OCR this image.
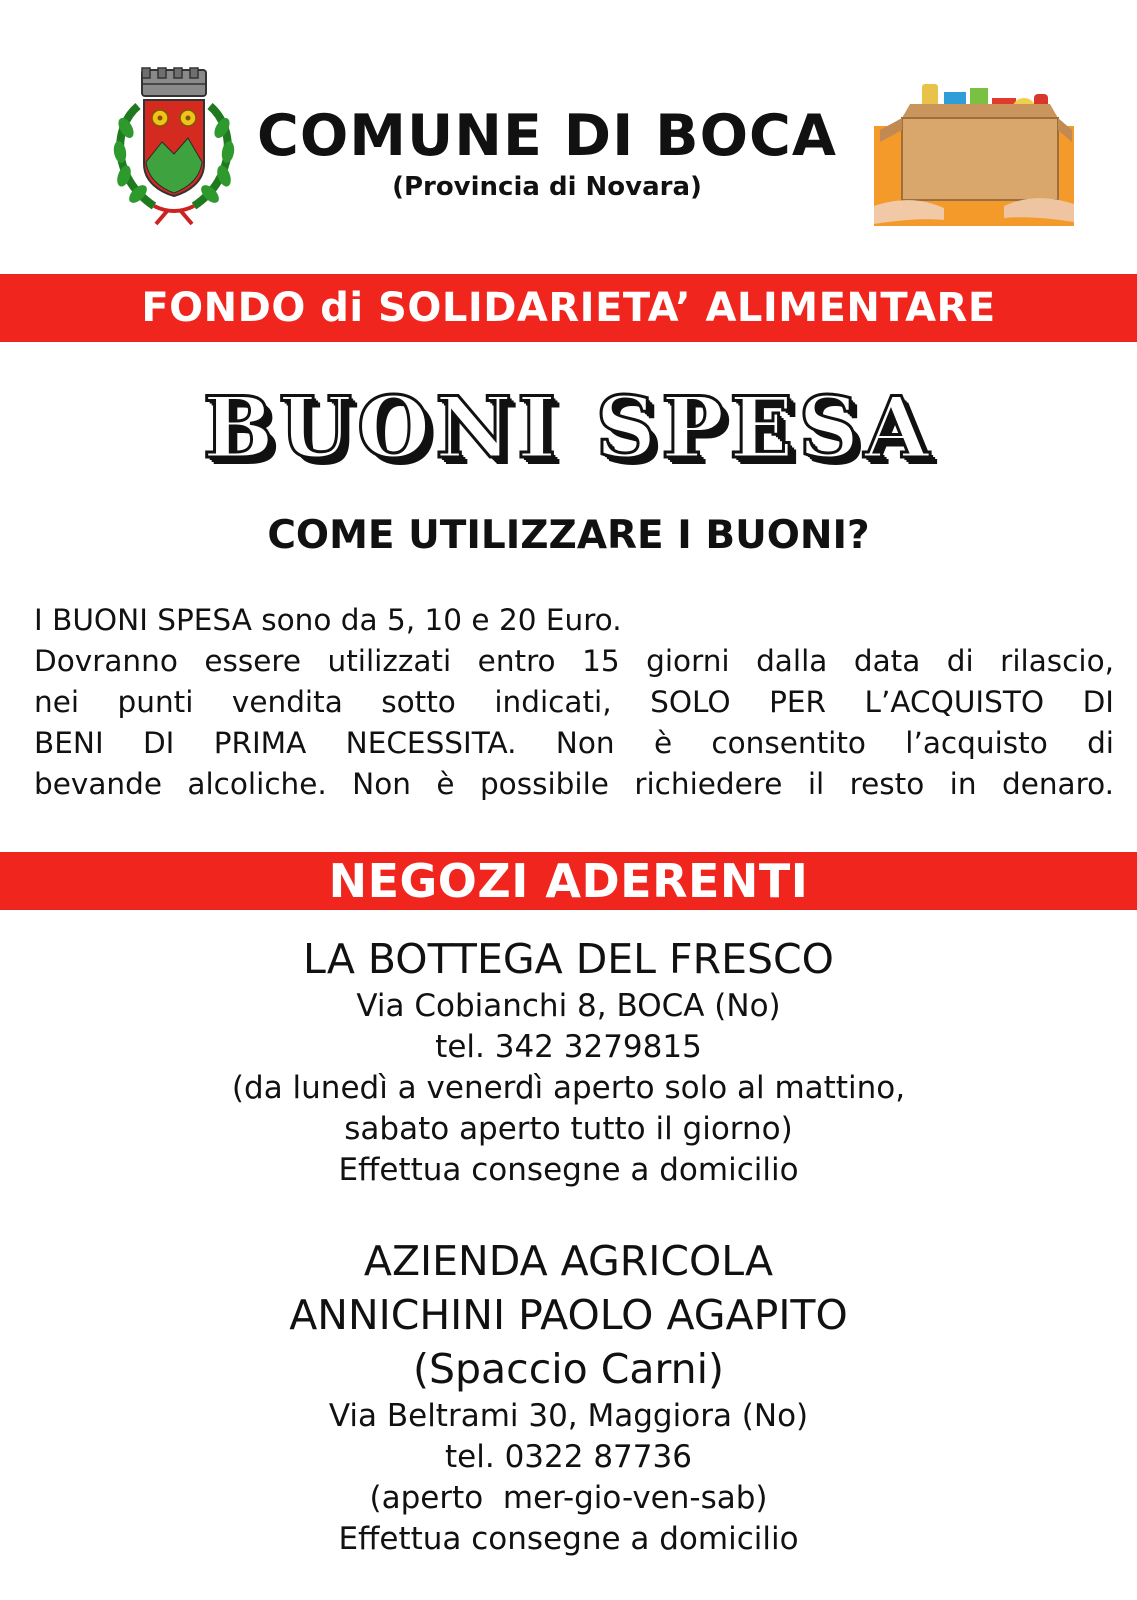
COMUNE DI BOCA
(Provincia di Novara)
FONDO di SOLIDARIETA’ ALIMENTARE
BUONI SPESA
COME UTILIZZARE I BUONI?
I BUONI SPESA sono da 5, 10 e 20 Euro.
Dovranno essere utilizzati entro 15 giorni dalla data di rilascio,
nei punti vendita sotto indicati, SOLO PER L’ACQUISTO DI
BENI DI PRIMA NECESSITA. Non è consentito l’acquisto di
bevande alcoliche. Non è possibile richiedere il resto in denaro.
NEGOZI ADERENTI
LA BOTTEGA DEL FRESCO
Via Cobianchi 8, BOCA (No)
tel. 342 3279815
(da lunedì a venerdì aperto solo al mattino,
sabato aperto tutto il giorno)
Effettua consegne a domicilio
AZIENDA AGRICOLA
ANNICHINI PAOLO AGAPITO
(Spaccio Carni)
Via Beltrami 30, Maggiora (No)
tel. 0322 87736
(aperto  mer-gio-ven-sab)
Effettua consegne a domicilio
